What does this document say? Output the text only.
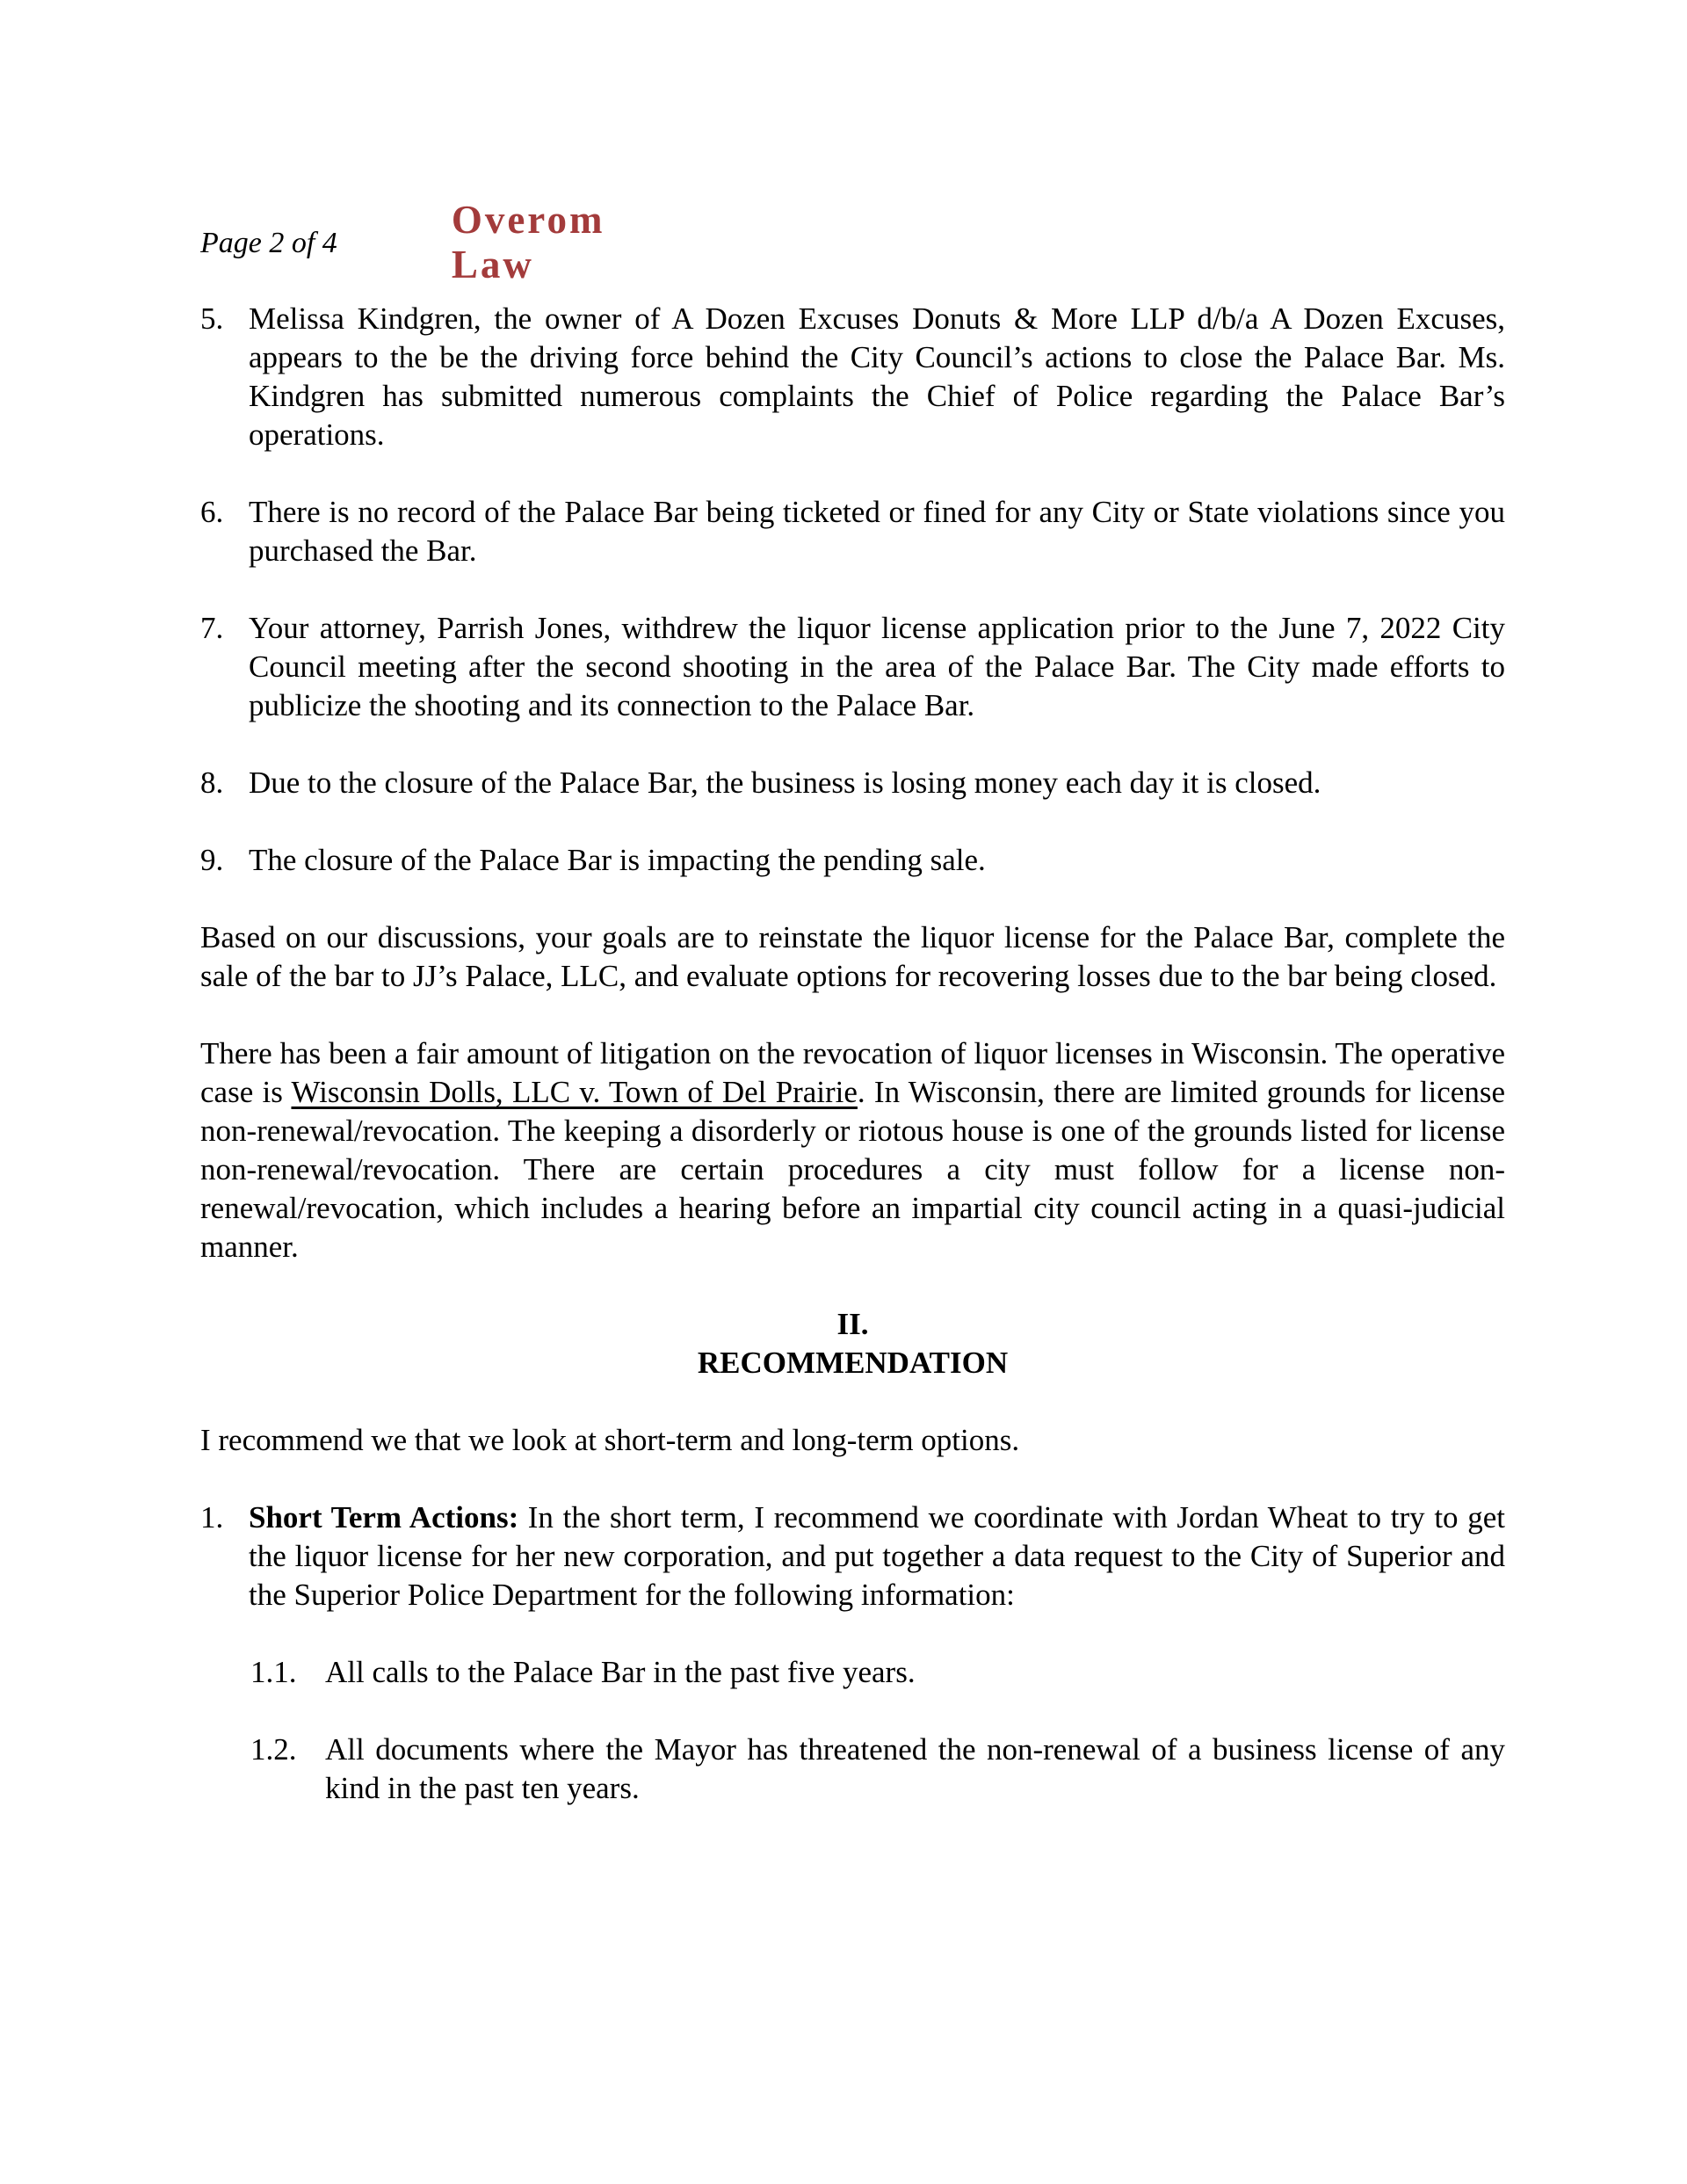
Page 2 of 4
Overom
Law
5. Melissa Kindgren, the owner of A Dozen Excuses Donuts & More LLP d/b/a A Dozen Excuses, appears to the be the driving force behind the City Council’s actions to close the Palace Bar. Ms. Kindgren has submitted numerous complaints the Chief of Police regarding the Palace Bar’s operations.
6. There is no record of the Palace Bar being ticketed or fined for any City or State violations since you purchased the Bar.
7. Your attorney, Parrish Jones, withdrew the liquor license application prior to the June 7, 2022 City Council meeting after the second shooting in the area of the Palace Bar. The City made efforts to publicize the shooting and its connection to the Palace Bar.
8. Due to the closure of the Palace Bar, the business is losing money each day it is closed.
9. The closure of the Palace Bar is impacting the pending sale.
Based on our discussions, your goals are to reinstate the liquor license for the Palace Bar, complete the sale of the bar to JJ’s Palace, LLC, and evaluate options for recovering losses due to the bar being closed.
There has been a fair amount of litigation on the revocation of liquor licenses in Wisconsin. The operative case is Wisconsin Dolls, LLC v. Town of Del Prairie. In Wisconsin, there are limited grounds for license non-renewal/revocation. The keeping a disorderly or riotous house is one of the grounds listed for license non-renewal/revocation. There are certain procedures a city must follow for a license non-renewal/revocation, which includes a hearing before an impartial city council acting in a quasi-judicial manner.
II.
RECOMMENDATION
I recommend we that we look at short-term and long-term options.
1. Short Term Actions: In the short term, I recommend we coordinate with Jordan Wheat to try to get the liquor license for her new corporation, and put together a data request to the City of Superior and the Superior Police Department for the following information:
1.1. All calls to the Palace Bar in the past five years.
1.2. All documents where the Mayor has threatened the non-renewal of a business license of any kind in the past ten years.
